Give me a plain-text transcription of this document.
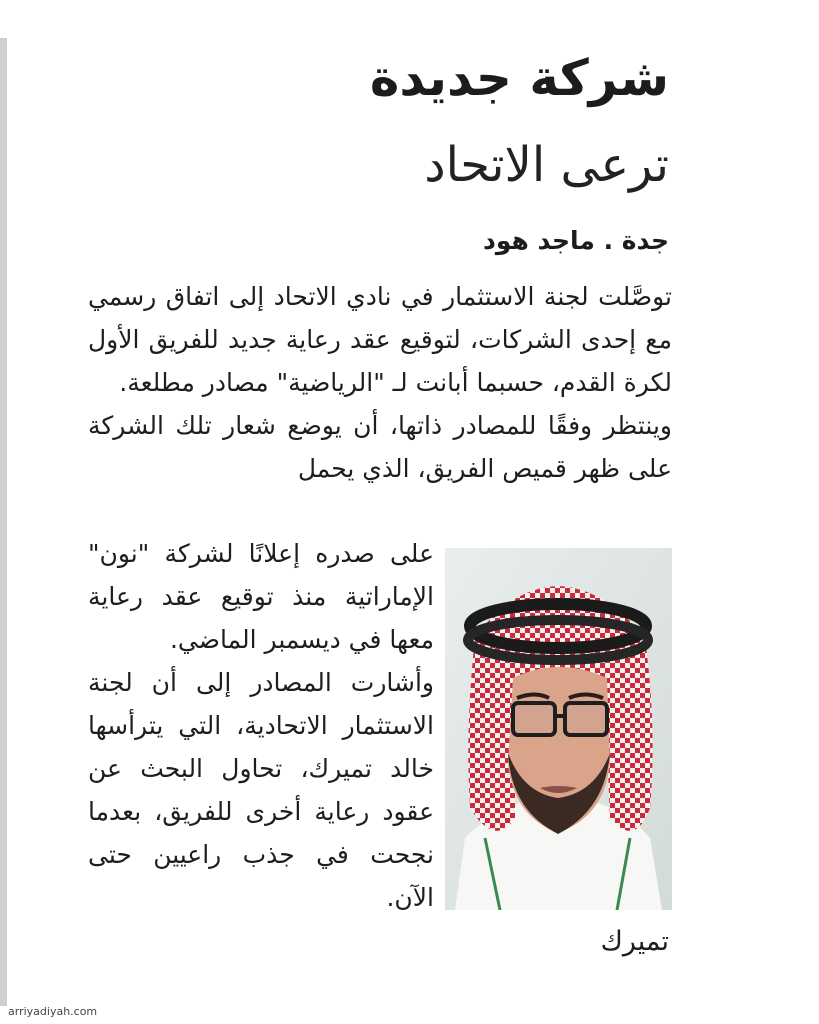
شركة جديدة
ترعى الاتحاد
جدة . ماجد هود

توصَّلت لجنة الاستثمار في نادي الاتحاد إلى اتفاق رسمي مع إحدى الشركات، لتوقيع عقد رعاية جديد للفريق الأول لكرة القدم، حسبما أبانت لـ "الرياضية" مصادر مطلعة.

وينتظر وفقًا للمصادر ذاتها، أن يوضع شعار تلك الشركة على ظهر قميص الفريق، الذي يحمل

على صدره إعلانًا لشركة "نون" الإماراتية منذ توقيع عقد رعاية معها في ديسمبر الماضي.

وأشارت المصادر إلى أن لجنة الاستثمار الاتحادية، التي يترأسها خالد تميرك، تحاول البحث عن عقود رعاية أخرى للفريق، بعدما نجحت في جذب راعيين حتى الآن.

تميرك
arriyadiyah.com
